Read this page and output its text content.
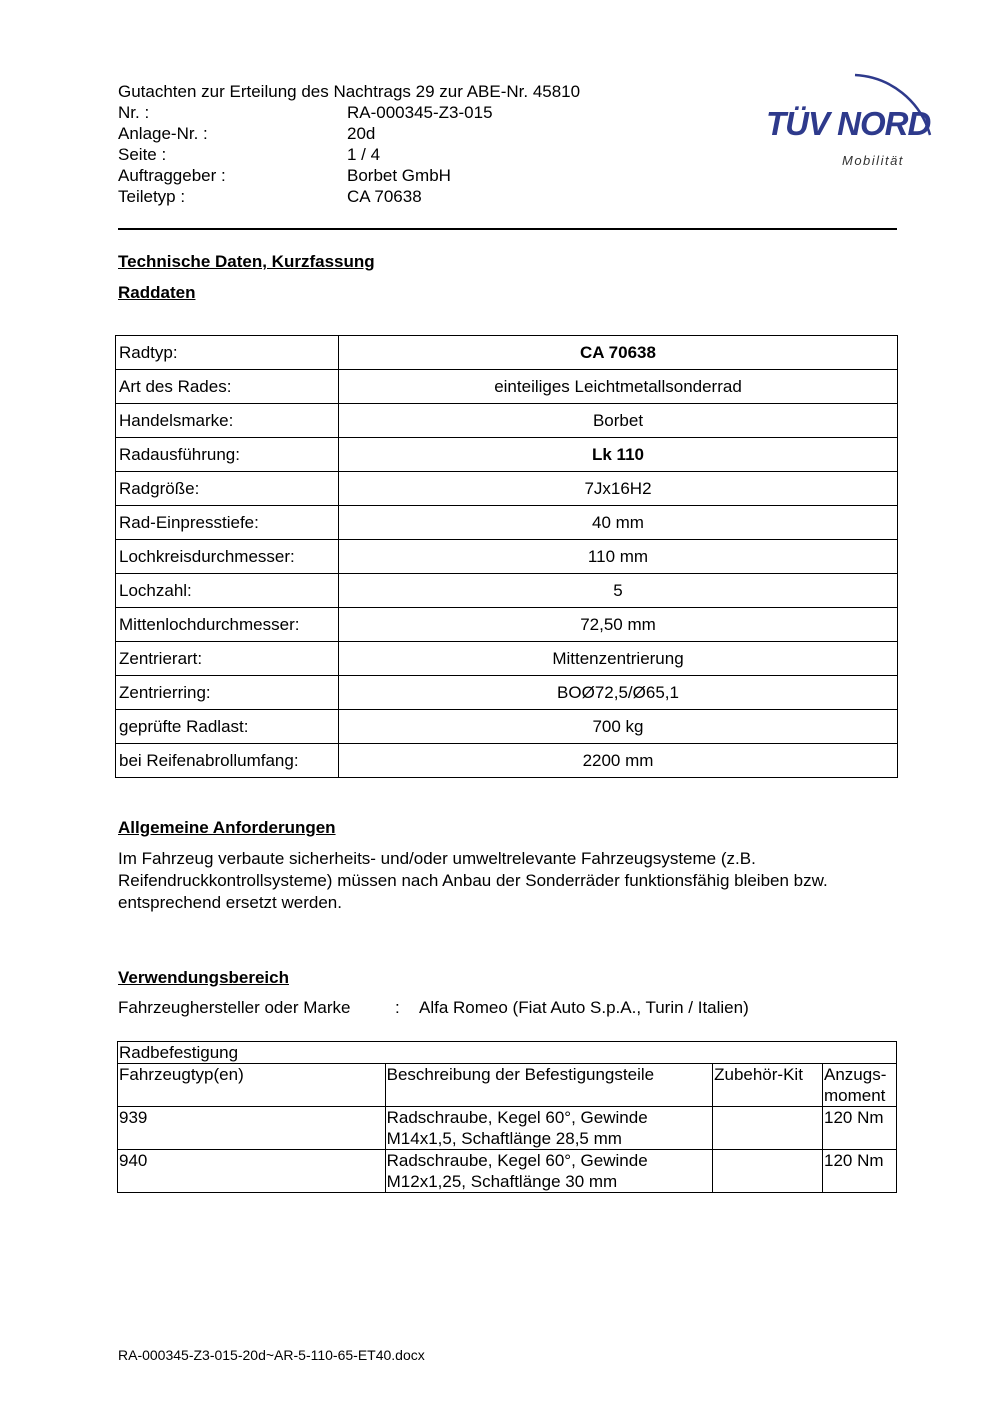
Gutachten zur Erteilung des Nachtrags 29 zur ABE-Nr. 45810
Nr. :	RA-000345-Z3-015
Anlage-Nr. :	20d
Seite :	1 / 4
Auftraggeber :	Borbet GmbH
Teiletyp :	CA 70638
TÜV NORD
Mobilität
Technische Daten, Kurzfassung
Raddaten
Radtyp:	CA 70638
Art des Rades:	einteiliges Leichtmetallsonderrad
Handelsmarke:	Borbet
Radausführung:	Lk 110
Radgröße:	7Jx16H2
Rad-Einpresstiefe:	40 mm
Lochkreisdurchmesser:	110 mm
Lochzahl:	5
Mittenlochdurchmesser:	72,50 mm
Zentrierart:	Mittenzentrierung
Zentrierring:	BOØ72,5/Ø65,1
geprüfte Radlast:	700 kg
bei Reifenabrollumfang:	2200 mm
Allgemeine Anforderungen
Im Fahrzeug verbaute sicherheits- und/oder umweltrelevante Fahrzeugsysteme (z.B. Reifendruckkontrollsysteme) müssen nach Anbau der Sonderräder funktionsfähig bleiben bzw. entsprechend ersetzt werden.
Verwendungsbereich
Fahrzeughersteller oder Marke	: Alfa Romeo (Fiat Auto S.p.A., Turin / Italien)
Radbefestigung			
Fahrzeugtyp(en)	Beschreibung der Befestigungsteile	Zubehör-Kit	Anzugs-moment
939	Radschraube, Kegel 60°, Gewinde M14x1,5, Schaftlänge 28,5 mm		120 Nm
940	Radschraube, Kegel 60°, Gewinde M12x1,25, Schaftlänge 30 mm		120 Nm
RA-000345-Z3-015-20d~AR-5-110-65-ET40.docx
